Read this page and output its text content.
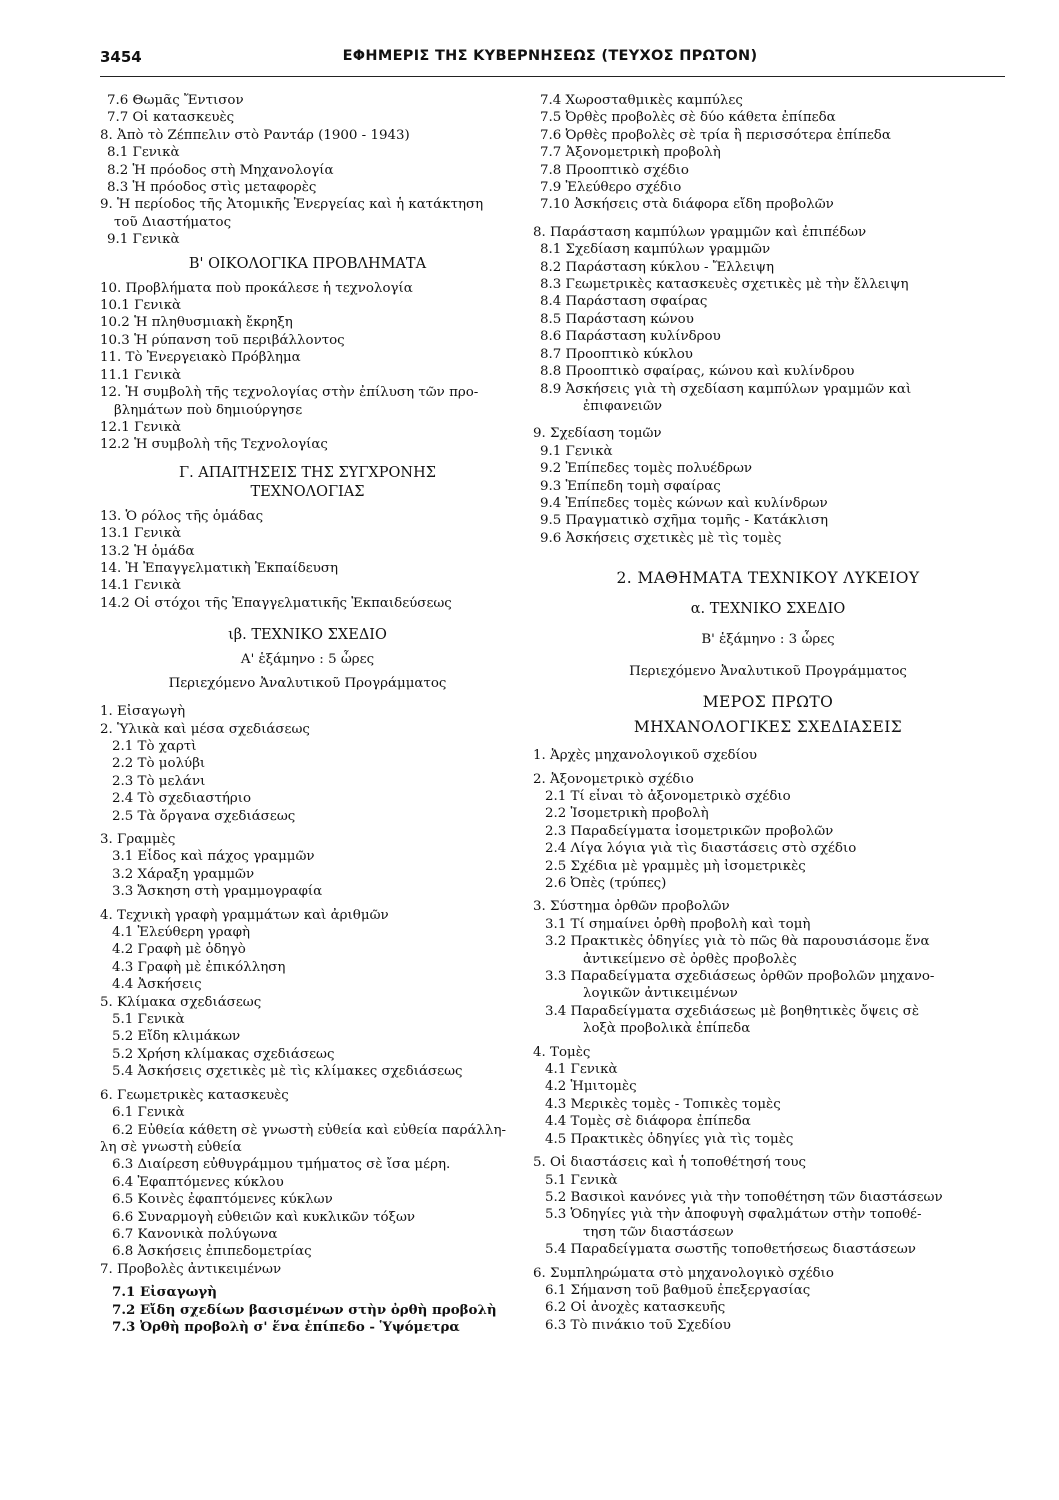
3454	ΕΦΗΜΕΡΙΣ ΤΗΣ ΚΥΒΕΡΝΗΣΕΩΣ (ΤΕΥΧΟΣ ΠΡΩΤΟΝ)
7.6 Θωμᾶς Ἔντισον
7.7 Οἱ κατασκευὲς
8. Ἀπὸ τὸ Ζέππελιν στὸ Ραντάρ (1900 - 1943)
8.1 Γενικὰ
8.2 Ἡ πρόοδος στὴ Μηχανολογία
8.3 Ἡ πρόοδος στὶς μεταφορὲς
9. Ἡ περίοδος τῆς Ἀτομικῆς Ἐνεργείας καὶ ἡ κατάκτηση
τοῦ Διαστήματος
9.1 Γενικὰ
Β' ΟΙΚΟΛΟΓΙΚΑ ΠΡΟΒΛΗΜΑΤΑ
10. Προβλήματα ποὺ προκάλεσε ἡ τεχνολογία
10.1 Γενικὰ
10.2 Ἡ πληθυσμιακὴ ἔκρηξη
10.3 Ἡ ρύπανση τοῦ περιβάλλοντος
11. Τὸ Ἐνεργειακὸ Πρόβλημα
11.1 Γενικὰ
12. Ἡ συμβολὴ τῆς τεχνολογίας στὴν ἐπίλυση τῶν προ-
βλημάτων ποὺ δημιούργησε
12.1 Γενικὰ
12.2 Ἡ συμβολὴ τῆς Τεχνολογίας
Γ. ΑΠΑΙΤΗΣΕΙΣ ΤΗΣ ΣΥΓΧΡΟΝΗΣ
ΤΕΧΝΟΛΟΓΙΑΣ
13. Ὁ ρόλος τῆς ὁμάδας
13.1 Γενικὰ
13.2 Ἡ ὁμάδα
14. Ἡ Ἐπαγγελματικὴ Ἐκπαίδευση
14.1 Γενικὰ
14.2 Οἱ στόχοι τῆς Ἐπαγγελματικῆς Ἐκπαιδεύσεως
ιβ. ΤΕΧΝΙΚΟ ΣΧΕΔΙΟ
Α' ἑξάμηνο : 5 ὧρες
Περιεχόμενο Ἀναλυτικοῦ Προγράμματος
1. Εἰσαγωγὴ
2. Ὑλικὰ καὶ μέσα σχεδιάσεως
2.1 Τὸ χαρτὶ
2.2 Τὸ μολύβι
2.3 Τὸ μελάνι
2.4 Τὸ σχεδιαστήριο
2.5 Τὰ ὄργανα σχεδιάσεως
3. Γραμμὲς
3.1 Εἶδος καὶ πάχος γραμμῶν
3.2 Χάραξη γραμμῶν
3.3 Ἄσκηση στὴ γραμμογραφία
4. Τεχνικὴ γραφὴ γραμμάτων καὶ ἀριθμῶν
4.1 Ἐλεύθερη γραφὴ
4.2 Γραφὴ μὲ ὁδηγὸ
4.3 Γραφὴ μὲ ἐπικόλληση
4.4 Ἀσκήσεις
5. Κλίμακα σχεδιάσεως
5.1 Γενικὰ
5.2 Εἴδη κλιμάκων
5.2 Χρήση κλίμακας σχεδιάσεως
5.4 Ἀσκήσεις σχετικὲς μὲ τὶς κλίμακες σχεδιάσεως
6. Γεωμετρικὲς κατασκευὲς
6.1 Γενικὰ
6.2 Εὐθεία κάθετη σὲ γνωστὴ εὐθεία καὶ εὐθεία παράλλη-
λη σὲ γνωστὴ εὐθεία
6.3 Διαίρεση εὐθυγράμμου τμήματος σὲ ἴσα μέρη.
6.4 Ἐφαπτόμενες κύκλου
6.5 Κοινὲς ἐφαπτόμενες κύκλων
6.6 Συναρμογὴ εὐθειῶν καὶ κυκλικῶν τόξων
6.7 Κανονικὰ πολύγωνα
6.8 Ἀσκήσεις ἐπιπεδομετρίας
7. Προβολὲς ἀντικειμένων
7.1 Εἰσαγωγὴ
7.2 Εἴδη σχεδίων βασισμένων στὴν ὀρθὴ προβολὴ
7.3 Ὀρθὴ προβολὴ σ' ἕνα ἐπίπεδο - Ὑψόμετρα
7.4 Χωροσταθμικὲς καμπύλες
7.5 Ὀρθὲς προβολὲς σὲ δύο κάθετα ἐπίπεδα
7.6 Ὀρθὲς προβολὲς σὲ τρία ἢ περισσότερα ἐπίπεδα
7.7 Ἀξονομετρικὴ προβολὴ
7.8 Προοπτικὸ σχέδιο
7.9 Ἐλεύθερο σχέδιο
7.10 Ἀσκήσεις στὰ διάφορα εἴδη προβολῶν
8. Παράσταση καμπύλων γραμμῶν καὶ ἐπιπέδων
8.1 Σχεδίαση καμπύλων γραμμῶν
8.2 Παράσταση κύκλου - Ἔλλειψη
8.3 Γεωμετρικὲς κατασκευὲς σχετικὲς μὲ τὴν ἔλλειψη
8.4 Παράσταση σφαίρας
8.5 Παράσταση κώνου
8.6 Παράσταση κυλίνδρου
8.7 Προοπτικὸ κύκλου
8.8 Προοπτικὸ σφαίρας, κώνου καὶ κυλίνδρου
8.9 Ἀσκήσεις γιὰ τὴ σχεδίαση καμπύλων γραμμῶν καὶ
ἐπιφανειῶν
9. Σχεδίαση τομῶν
9.1 Γενικὰ
9.2 Ἐπίπεδες τομὲς πολυέδρων
9.3 Ἐπίπεδη τομὴ σφαίρας
9.4 Ἐπίπεδες τομὲς κώνων καὶ κυλίνδρων
9.5 Πραγματικὸ σχῆμα τομῆς - Κατάκλιση
9.6 Ἀσκήσεις σχετικὲς μὲ τὶς τομὲς
2. ΜΑΘΗΜΑΤΑ ΤΕΧΝΙΚΟΥ ΛΥΚΕΙΟΥ
α. ΤΕΧΝΙΚΟ ΣΧΕΔΙΟ
Β' ἑξάμηνο : 3 ὧρες
Περιεχόμενο Ἀναλυτικοῦ Προγράμματος
ΜΕΡΟΣ ΠΡΩΤΟ
ΜΗΧΑΝΟΛΟΓΙΚΕΣ ΣΧΕΔΙΑΣΕΙΣ
1. Ἀρχὲς μηχανολογικοῦ σχεδίου
2. Ἀξονομετρικὸ σχέδιο
2.1 Τί εἶναι τὸ ἀξονομετρικὸ σχέδιο
2.2 Ἰσομετρικὴ προβολὴ
2.3 Παραδείγματα ἰσομετρικῶν προβολῶν
2.4 Λίγα λόγια γιὰ τὶς διαστάσεις στὸ σχέδιο
2.5 Σχέδια μὲ γραμμὲς μὴ ἰσομετρικὲς
2.6 Ὀπὲς (τρύπες)
3. Σύστημα ὀρθῶν προβολῶν
3.1 Τί σημαίνει ὀρθὴ προβολὴ καὶ τομὴ
3.2 Πρακτικὲς ὁδηγίες γιὰ τὸ πῶς θὰ παρουσιάσομε ἕνα
ἀντικείμενο σὲ ὀρθὲς προβολὲς
3.3 Παραδείγματα σχεδιάσεως ὀρθῶν προβολῶν μηχανο-
λογικῶν ἀντικειμένων
3.4 Παραδείγματα σχεδιάσεως μὲ βοηθητικὲς ὄψεις σὲ
λοξὰ προβολικὰ ἐπίπεδα
4. Τομὲς
4.1 Γενικὰ
4.2 Ἡμιτομὲς
4.3 Μερικὲς τομὲς - Τοπικὲς τομὲς
4.4 Τομὲς σὲ διάφορα ἐπίπεδα
4.5 Πρακτικὲς ὁδηγίες γιὰ τὶς τομὲς
5. Οἱ διαστάσεις καὶ ἡ τοποθέτησή τους
5.1 Γενικὰ
5.2 Βασικοὶ κανόνες γιὰ τὴν τοποθέτηση τῶν διαστάσεων
5.3 Ὁδηγίες γιὰ τὴν ἀποφυγὴ σφαλμάτων στὴν τοποθέ-
τηση τῶν διαστάσεων
5.4 Παραδείγματα σωστῆς τοποθετήσεως διαστάσεων
6. Συμπληρώματα στὸ μηχανολογικὸ σχέδιο
6.1 Σήμανση τοῦ βαθμοῦ ἐπεξεργασίας
6.2 Οἱ ἀνοχὲς κατασκευῆς
6.3 Τὸ πινάκιο τοῦ Σχεδίου
